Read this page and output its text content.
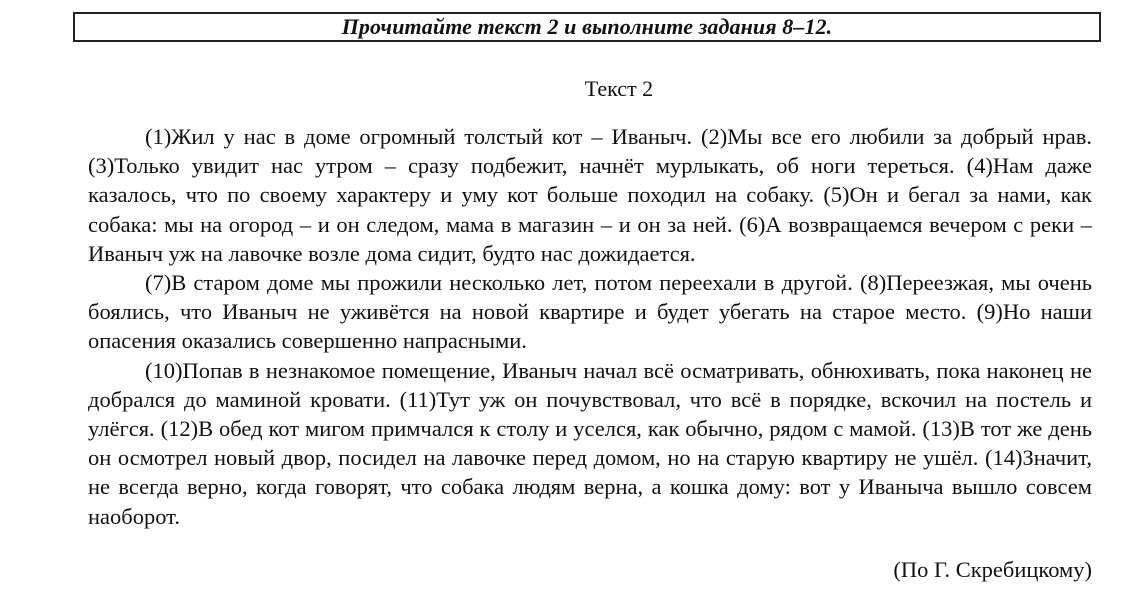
Прочитайте текст 2 и выполните задания 8–12.
Текст 2

(1)Жил у нас в доме огромный толстый кот – Иваныч. (2)Мы все его любили за добрый нрав. (3)Только увидит нас утром – сразу подбежит, начнёт мурлыкать, об ноги тереться. (4)Нам даже казалось, что по своему характеру и уму кот больше походил на собаку. (5)Он и бегал за нами, как собака: мы на огород – и он следом, мама в магазин – и он за ней. (6)А возвращаемся вечером с реки – Иваныч уж на лавочке возле дома сидит, будто нас дожидается.

(7)В старом доме мы прожили несколько лет, потом переехали в другой. (8)Переезжая, мы очень боялись, что Иваныч не уживётся на новой квартире и будет убегать на старое место. (9)Но наши опасения оказались совершенно напрасными.

(10)Попав в незнакомое помещение, Иваныч начал всё осматривать, обнюхивать, пока наконец не добрался до маминой кровати. (11)Тут уж он почувствовал, что всё в порядке, вскочил на постель и улёгся. (12)В обед кот мигом примчался к столу и уселся, как обычно, рядом с мамой. (13)В тот же день он осмотрел новый двор, посидел на лавочке перед домом, но на старую квартиру не ушёл. (14)Значит, не всегда верно, когда говорят, что собака людям верна, а кошка дому: вот у Иваныча вышло совсем наоборот.

(По Г. Скребицкому)
